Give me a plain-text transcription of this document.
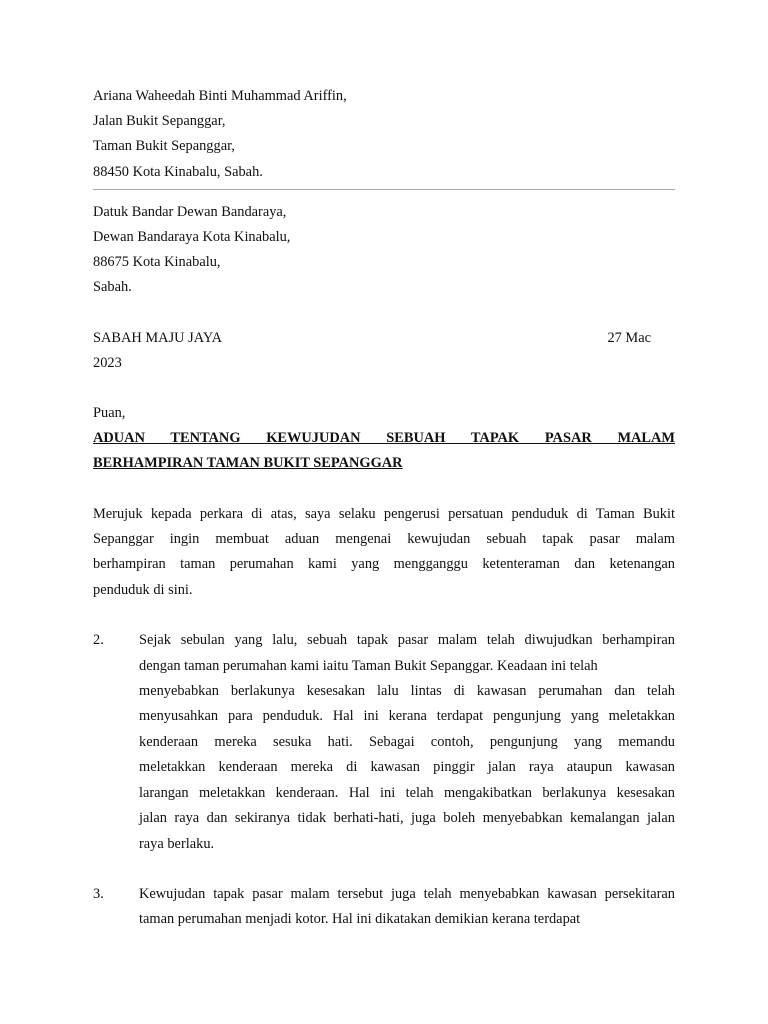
Ariana Waheedah Binti Muhammad Ariffin,
Jalan Bukit Sepanggar,
Taman Bukit Sepanggar,
88450 Kota Kinabalu, Sabah.
Datuk Bandar Dewan Bandaraya,
Dewan Bandaraya Kota Kinabalu,
88675 Kota Kinabalu,
Sabah.
SABAH MAJU JAYA	27 Mac
2023
Puan,
ADUAN TENTANG KEWUJUDAN SEBUAH TAPAK PASAR MALAM
BERHAMPIRAN TAMAN BUKIT SEPANGGAR
Merujuk kepada perkara di atas, saya selaku pengerusi persatuan penduduk di Taman Bukit
Sepanggar ingin membuat aduan mengenai kewujudan sebuah tapak pasar malam
berhampiran taman perumahan kami yang mengganggu ketenteraman dan ketenangan
penduduk di sini.
2.	Sejak sebulan yang lalu, sebuah tapak pasar malam telah diwujudkan berhampiran
dengan taman perumahan kami iaitu Taman Bukit Sepanggar. Keadaan ini telah
menyebabkan berlakunya kesesakan lalu lintas di kawasan perumahan dan telah
menyusahkan para penduduk. Hal ini kerana terdapat pengunjung yang meletakkan
kenderaan mereka sesuka hati. Sebagai contoh, pengunjung yang memandu
meletakkan kenderaan mereka di kawasan pinggir jalan raya ataupun kawasan
larangan meletakkan kenderaan. Hal ini telah mengakibatkan berlakunya kesesakan
jalan raya dan sekiranya tidak berhati-hati, juga boleh menyebabkan kemalangan jalan
raya berlaku.
3.	Kewujudan tapak pasar malam tersebut juga telah menyebabkan kawasan persekitaran
taman perumahan menjadi kotor. Hal ini dikatakan demikian kerana terdapat
